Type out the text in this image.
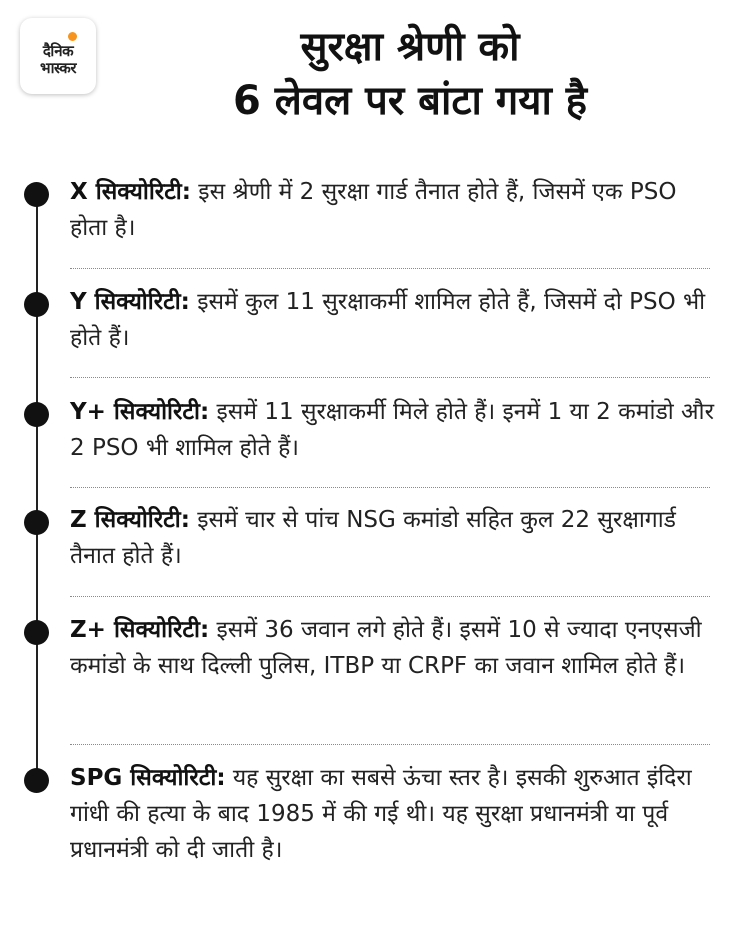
दैनिक
भास्कर	सुरक्षा श्रेणी को
6 लेवल पर बांटा गया है
X सिक्योरिटी: इस श्रेणी में 2 सुरक्षा गार्ड तैनात होते हैं, जिसमें एक PSO होता है।
Y सिक्योरिटी: इसमें कुल 11 सुरक्षाकर्मी शामिल होते हैं, जिसमें दो PSO भी होते हैं।
Y+ सिक्योरिटी: इसमें 11 सुरक्षाकर्मी मिले होते हैं। इनमें 1 या 2 कमांडो और 2 PSO भी शामिल होते हैं।
Z सिक्योरिटी: इसमें चार से पांच NSG कमांडो सहित कुल 22 सुरक्षागार्ड तैनात होते हैं।
Z+ सिक्योरिटी: इसमें 36 जवान लगे होते हैं। इसमें 10 से ज्यादा एनएसजी कमांडो के साथ दिल्ली पुलिस, ITBP या CRPF का जवान शामिल होते हैं।
SPG सिक्योरिटी: यह सुरक्षा का सबसे ऊंचा स्तर है। इसकी शुरुआत इंदिरा गांधी की हत्या के बाद 1985 में की गई थी। यह सुरक्षा प्रधानमंत्री या पूर्व प्रधानमंत्री को दी जाती है।
